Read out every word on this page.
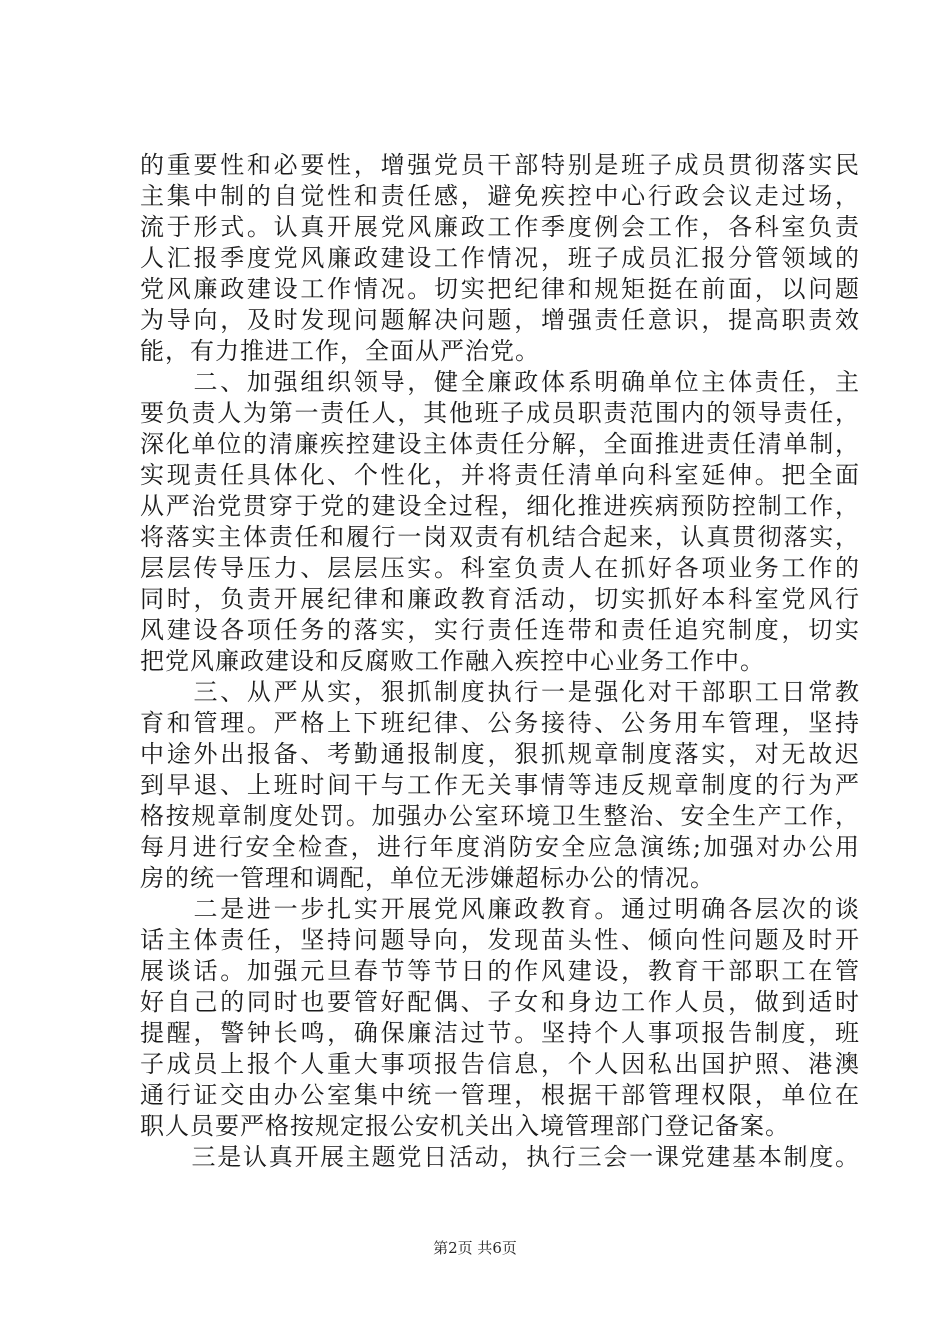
的重要性和必要性，增强党员干部特别是班子成员贯彻落实民
主集中制的自觉性和责任感，避免疾控中心行政会议走过场，
流于形式。认真开展党风廉政工作季度例会工作，各科室负责
人汇报季度党风廉政建设工作情况，班子成员汇报分管领域的
党风廉政建设工作情况。切实把纪律和规矩挺在前面，以问题
为导向，及时发现问题解决问题，增强责任意识，提高职责效
能，有力推进工作，全面从严治党。
　　二、加强组织领导，健全廉政体系明确单位主体责任，主
要负责人为第一责任人，其他班子成员职责范围内的领导责任，
深化单位的清廉疾控建设主体责任分解，全面推进责任清单制，
实现责任具体化、个性化，并将责任清单向科室延伸。把全面
从严治党贯穿于党的建设全过程，细化推进疾病预防控制工作，
将落实主体责任和履行一岗双责有机结合起来，认真贯彻落实，
层层传导压力、层层压实。科室负责人在抓好各项业务工作的
同时，负责开展纪律和廉政教育活动，切实抓好本科室党风行
风建设各项任务的落实，实行责任连带和责任追究制度，切实
把党风廉政建设和反腐败工作融入疾控中心业务工作中。
　　三、从严从实，狠抓制度执行一是强化对干部职工日常教
育和管理。严格上下班纪律、公务接待、公务用车管理，坚持
中途外出报备、考勤通报制度，狠抓规章制度落实，对无故迟
到早退、上班时间干与工作无关事情等违反规章制度的行为严
格按规章制度处罚。加强办公室环境卫生整治、安全生产工作，
每月进行安全检查，进行年度消防安全应急演练;加强对办公用
房的统一管理和调配，单位无涉嫌超标办公的情况。
　　二是进一步扎实开展党风廉政教育。通过明确各层次的谈
话主体责任，坚持问题导向，发现苗头性、倾向性问题及时开
展谈话。加强元旦春节等节日的作风建设，教育干部职工在管
好自己的同时也要管好配偶、子女和身边工作人员，做到适时
提醒，警钟长鸣，确保廉洁过节。坚持个人事项报告制度，班
子成员上报个人重大事项报告信息，个人因私出国护照、港澳
通行证交由办公室集中统一管理，根据干部管理权限，单位在
职人员要严格按规定报公安机关出入境管理部门登记备案。
　　三是认真开展主题党日活动，执行三会一课党建基本制度。
第2页 共6页
